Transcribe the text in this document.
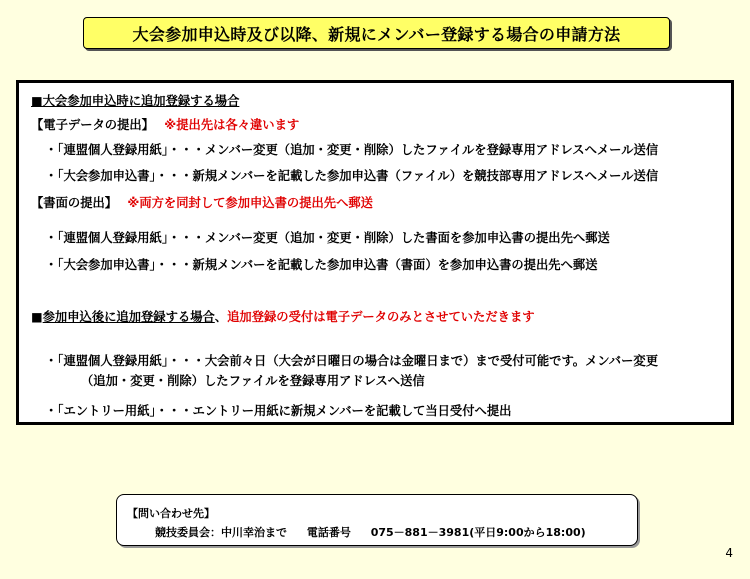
大会参加申込時及び以降、新規にメンバー登録する場合の申請方法
■大会参加申込時に追加登録する場合
【電子データの提出】 ※提出先は各々違います
・「連盟個人登録用紙」・・・メンバー変更（追加・変更・削除）したファイルを登録専用アドレスへメール送信
・「大会参加申込書」・・・新規メンバーを記載した参加申込書（ファイル）を競技部専用アドレスへメール送信
【書面の提出】 ※両方を同封して参加申込書の提出先へ郵送
・「連盟個人登録用紙」・・・メンバー変更（追加・変更・削除）した書面を参加申込書の提出先へ郵送
・「大会参加申込書」・・・新規メンバーを記載した参加申込書（書面）を参加申込書の提出先へ郵送
■参加申込後に追加登録する場合、追加登録の受付は電子データのみとさせていただきます
・「連盟個人登録用紙」・・・大会前々日（大会が日曜日の場合は金曜日まで）まで受付可能です。メンバー変更
（追加・変更・削除）したファイルを登録専用アドレスへ送信
・「エントリー用紙」・・・エントリー用紙に新規メンバーを記載して当日受付へ提出
【問い合わせ先】
競技委員会：中川幸治まで 電話番号 075－881－3981(平日9:00から18:00)
4
